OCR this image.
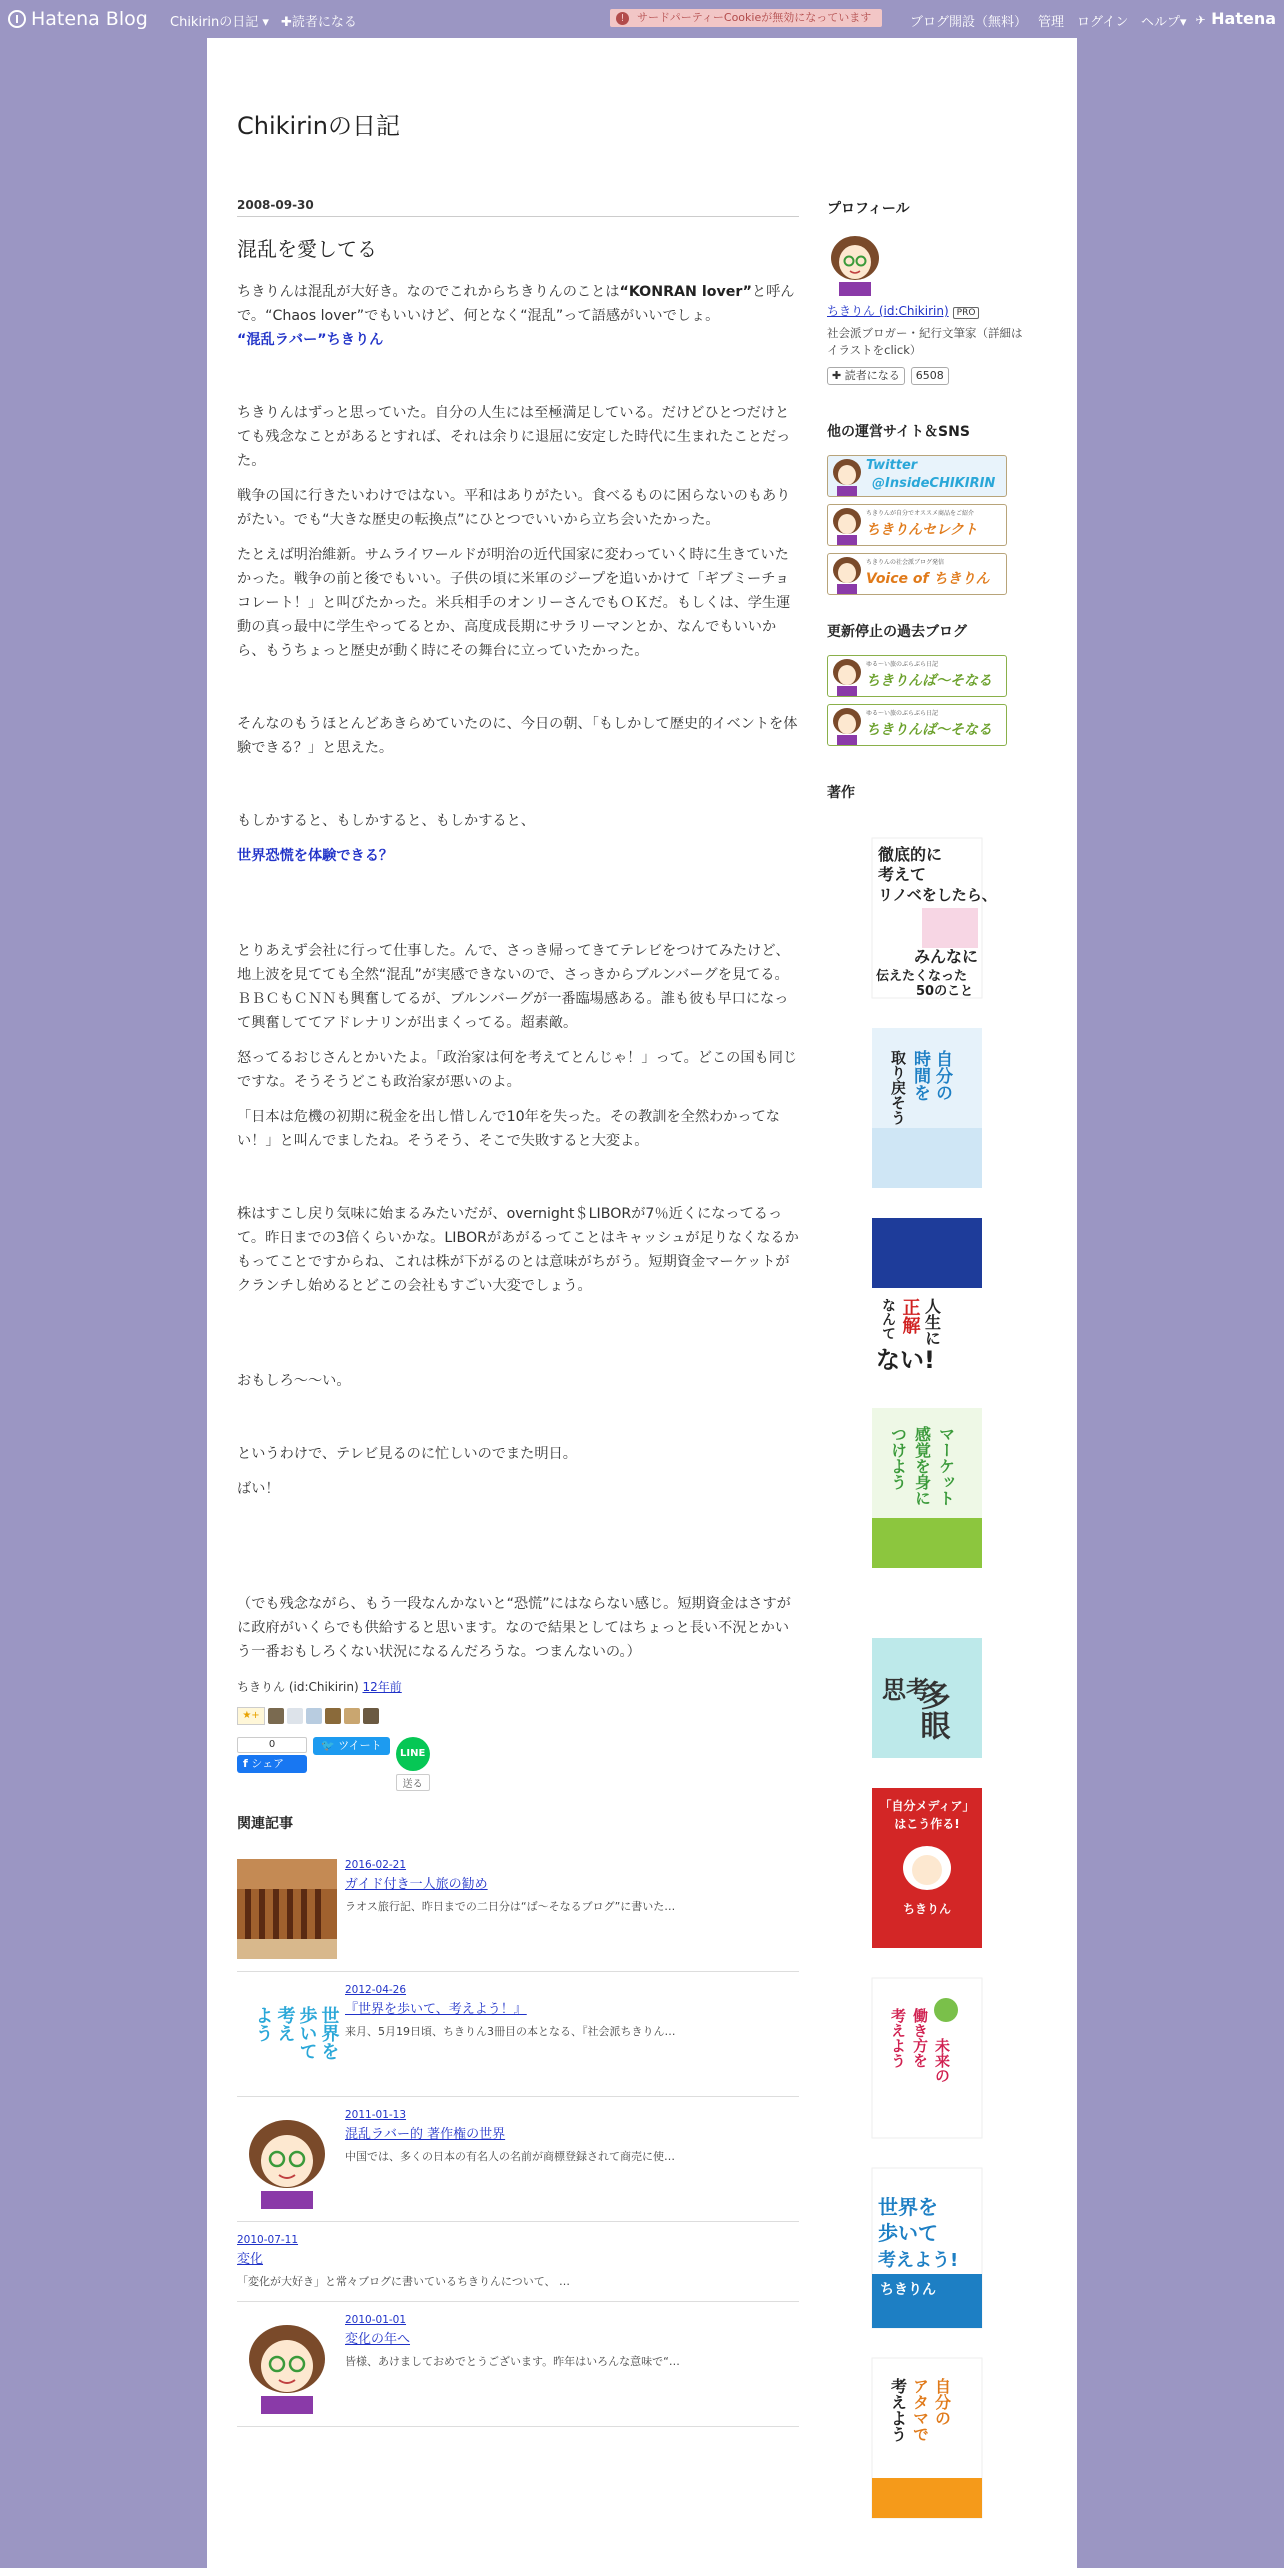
Hatena Blog Chikirinの日記 ▾ ✚読者になる	! サードパーティーCookieが無効になっています	ブログ開設（無料） 管理 ログイン ヘルプ▾ ✈ Hatena
Chikirinの日記
2008-09-30
混乱を愛してる

ちきりんは混乱が大好き。なのでこれからちきりんのことは“KONRAN lover”と呼んで。“Chaos lover”でもいいけど、何となく“混乱”って語感がいいでしょ。
“混乱ラバー”ちきりん

ちきりんはずっと思っていた。自分の人生には至極満足している。だけどひとつだけとても残念なことがあるとすれば、それは余りに退屈に安定した時代に生まれたことだった。

戦争の国に行きたいわけではない。平和はありがたい。食べるものに困らないのもありがたい。でも“大きな歴史の転換点”にひとつでいいから立ち会いたかった。

たとえば明治維新。サムライワールドが明治の近代国家に変わっていく時に生きていたかった。戦争の前と後でもいい。子供の頃に米軍のジープを追いかけて「ギブミーチョコレート！」と叫びたかった。米兵相手のオンリーさんでもＯＫだ。もしくは、学生運動の真っ最中に学生やってるとか、高度成長期にサラリーマンとか、なんでもいいから、もうちょっと歴史が動く時にその舞台に立っていたかった。

そんなのもうほとんどあきらめていたのに、今日の朝、「もしかして歴史的イベントを体験できる？」と思えた。

もしかすると、もしかすると、もしかすると、

世界恐慌を体験できる？

とりあえず会社に行って仕事した。んで、さっき帰ってきてテレビをつけてみたけど、地上波を見てても全然“混乱”が実感できないので、さっきからブルンバーグを見てる。ＢＢＣもＣＮＮも興奮してるが、ブルンバーグが一番臨場感ある。誰も彼も早口になって興奮しててアドレナリンが出まくってる。超素敵。

怒ってるおじさんとかいたよ。「政治家は何を考えてとんじゃ！」って。どこの国も同じですな。そうそうどこも政治家が悪いのよ。

「日本は危機の初期に税金を出し惜しんで10年を失った。その教訓を全然わかってない！」と叫んでましたね。そうそう、そこで失敗すると大変よ。

株はすこし戻り気味に始まるみたいだが、overnight＄LIBORが7％近くになってるって。昨日までの3倍くらいかな。LIBORがあがるってことはキャッシュが足りなくなるかもってことですからね、これは株が下がるのとは意味がちがう。短期資金マーケットがクランチし始めるとどこの会社もすごい大変でしょう。

おもしろ〜〜い。

というわけで、テレビ見るのに忙しいのでまた明日。

ばい！

（でも残念ながら、もう一段なんかないと“恐慌”にはならない感じ。短期資金はさすがに政府がいくらでも供給すると思います。なので結果としてはちょっと長い不況とかいう一番おもしろくない状況になるんだろうな。つまんないの。）

ちきりん (id:Chikirin) 12年前
★+
0
f シェア
🐦 ツイート
LINE
送る
関連記事
2016-02-21
ガイド付き一人旅の勧め
ラオス旅行記、昨日までの二日分は“ば～そなるブログ”に書いた…
世界を
歩いて
考え
よう
2012-04-26
『世界を歩いて、考えよう！』
来月、5月19日頃、ちきりん3冊目の本となる、『社会派ちきりん…
2011-01-13
混乱ラバー的 著作権の世界
中国では、多くの日本の有名人の名前が商標登録されて商売に使…
2010-07-11
変化
「変化が大好き」と常々ブログに書いているちきりんについて、 …
2010-01-01
変化の年へ
皆様、あけましておめでとうございます。昨年はいろんな意味で“…
プロフィール
ちきりん (id:Chikirin) PRO
社会派ブロガー・紀行文筆家（詳細はイラストをclick）
✚ 読者になる	6508
他の運営サイト＆SNS
Twitter
@InsideCHIKIRIN
ちきりんが自分でオススメ商品をご紹介
ちきりんセレクト
ちきりんの社会派ブログ発信
Voice of ちきりん
更新停止の過去ブログ
ゆる～い旅のぶらぶら日記
ちきりんば～そなる
ゆる～い旅のぶらぶら日記
ちきりんば～そなる
著作
徹底的に
考えて
リノベをしたら、
みんなに
伝えたくなった
50のこと
自分の
時間を
取り戻そう
人生に
正解
なんて
ない!
マーケット
感覚を身に
つけよう
多眼
思考
「自分メディア」
はこう作る!
ちきりん
未来の
働き方を
考えよう
世界を
歩いて
考えよう!
ちきりん
自分の
アタマで
考えよう
